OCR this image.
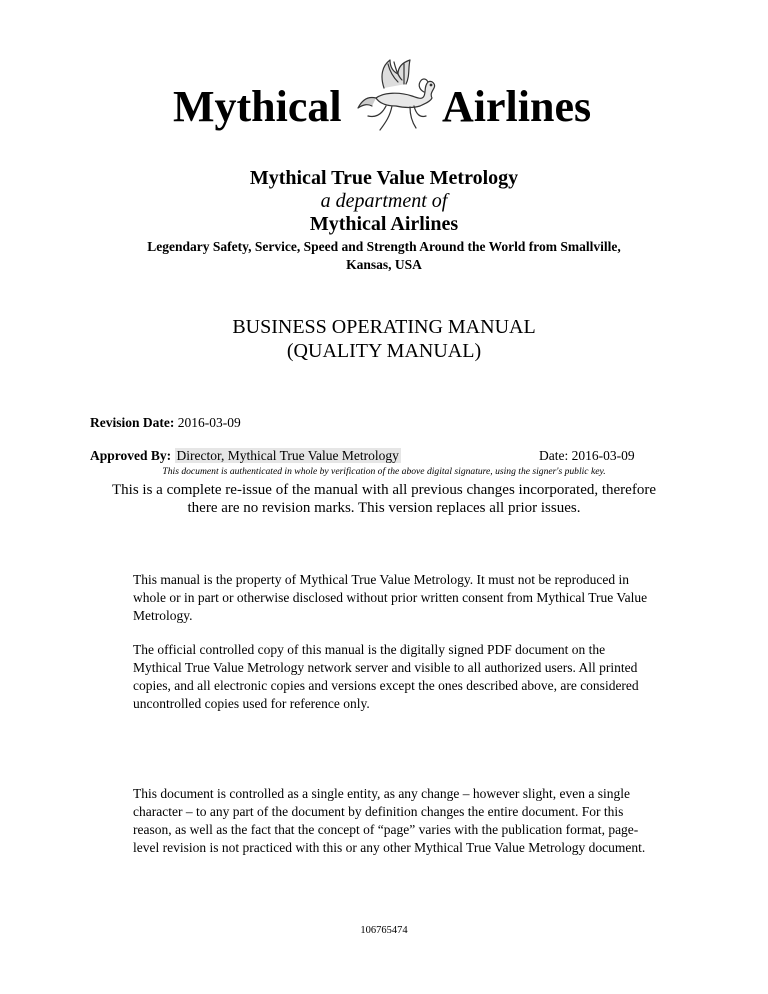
Mythical Airlines
Mythical True Value Metrology
a department of
Mythical Airlines
Legendary Safety, Service, Speed and Strength Around the World from Smallville, Kansas, USA
BUSINESS OPERATING MANUAL
(QUALITY MANUAL)
Revision Date: 2016-03-09
Approved By: Director, Mythical True Value Metrology	Date: 2016-03-09
This document is authenticated in whole by verification of the above digital signature, using the signer's public key.
This is a complete re-issue of the manual with all previous changes incorporated, therefore there are no revision marks. This version replaces all prior issues.
This manual is the property of Mythical True Value Metrology. It must not be reproduced in whole or in part or otherwise disclosed without prior written consent from Mythical True Value Metrology.
The official controlled copy of this manual is the digitally signed PDF document on the Mythical True Value Metrology network server and visible to all authorized users. All printed copies, and all electronic copies and versions except the ones described above, are considered uncontrolled copies used for reference only.
This document is controlled as a single entity, as any change – however slight, even a single character – to any part of the document by definition changes the entire document. For this reason, as well as the fact that the concept of “page” varies with the publication format, page-level revision is not practiced with this or any other Mythical True Value Metrology document.
106765474
